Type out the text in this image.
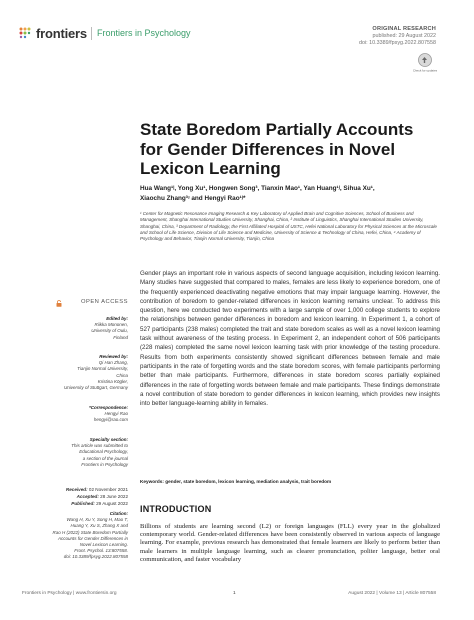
frontiers Frontiers in Psychology	ORIGINAL RESEARCH
published: 29 August 2022
doi: 10.3389/fpsyg.2022.807558
Check for updates
State Boredom Partially Accounts for Gender Differences in Novel Lexicon Learning
Hua Wang¹ʲ, Yong Xu¹, Hongwen Song³, Tianxin Mao¹, Yan Huang¹ʲ, Sihua Xu¹,
Xiaochu Zhang³ʴ and Hengyi Rao¹ʲ*

¹ Center for Magnetic Resonance Imaging Research & Key Laboratory of Applied Brain and Cognitive Sciences, School of Business and Management, Shanghai International Studies University, Shanghai, China, ² Institute of Linguistics, Shanghai International Studies University, Shanghai, China, ³ Department of Radiology, the First Affiliated Hospital of USTC, Hefei National Laboratory for Physical Sciences at the Microscale and School of Life Science, Division of Life Science and Medicine, University of Science & Technology of China, Hefei, China, ⁴ Academy of Psychology and Behavior, Tianjin Normal University, Tianjin, China

Gender plays an important role in various aspects of second language acquisition, including lexicon learning. Many studies have suggested that compared to males, females are less likely to experience boredom, one of the frequently experienced deactivating negative emotions that may impair language learning. However, the contribution of boredom to gender-related differences in lexicon learning remains unclear. To address this question, here we conducted two experiments with a large sample of over 1,000 college students to explore the relationships between gender differences in boredom and lexicon learning. In Experiment 1, a cohort of 527 participants (238 males) completed the trait and state boredom scales as well as a novel lexicon learning task without awareness of the testing process. In Experiment 2, an independent cohort of 506 participants (228 males) completed the same novel lexicon learning task with prior knowledge of the testing procedure. Results from both experiments consistently showed significant differences between female and male participants in the rate of forgetting words and the state boredom scores, with female participants performing better than male participants. Furthermore, differences in state boredom scores partially explained differences in the rate of forgetting words between female and male participants. These findings demonstrate a novel contribution of state boredom to gender differences in lexicon learning, which provides new insights into better language-learning ability in females.
Keywords: gender, state boredom, lexicon learning, mediation analysis, trait boredom
OPEN ACCESS
Edited by:
Riikka Mononen,
University of Oulu,
Finland
Reviewed by:
Qi Han Zhang,
Tianjin Normal University,
China
Kristina Kögler,
University of Stuttgart, Germany
*Correspondence:
Hengyi Rao
hengyi@rao.com
Specialty section:
This article was submitted to
Educational Psychology,
a section of the journal
Frontiers in Psychology
Received: 02 November 2021
Accepted: 28 June 2022
Published: 29 August 2022
Citation:
Wang H, Xu Y, Song H, Mao T,
Huang Y, Xu S, Zhang X and
Rao H (2022) State Boredom Partially
Accounts for Gender Differences in
Novel Lexicon Learning.
Front. Psychol. 13:807558.
doi: 10.3389/fpsyg.2022.807558
INTRODUCTION
Billions of students are learning second (L2) or foreign languages (FLL) every year in the globalized contemporary world. Gender-related differences have been consistently observed in various aspects of language learning. For example, previous research has demonstrated that female learners are likely to perform better than male learners in multiple language learning, such as clearer pronunciation, politer language, better oral communication, and faster vocabulary
Frontiers in Psychology | www.frontiersin.org	1	August 2022 | Volume 13 | Article 807558
